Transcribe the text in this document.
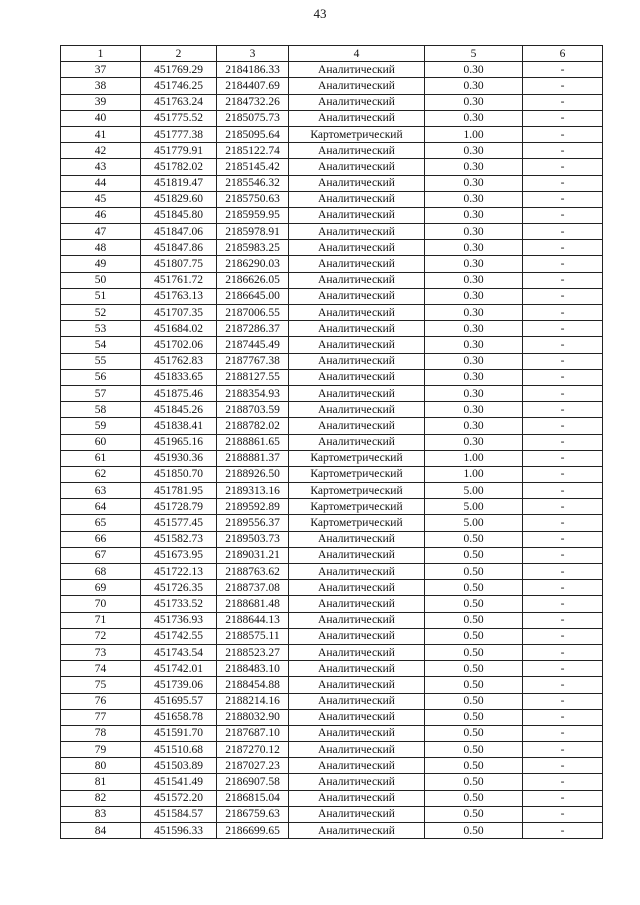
43
1	2	3	4	5	6
37	451769.29	2184186.33	Аналитический	0.30	-
38	451746.25	2184407.69	Аналитический	0.30	-
39	451763.24	2184732.26	Аналитический	0.30	-
40	451775.52	2185075.73	Аналитический	0.30	-
41	451777.38	2185095.64	Картометрический	1.00	-
42	451779.91	2185122.74	Аналитический	0.30	-
43	451782.02	2185145.42	Аналитический	0.30	-
44	451819.47	2185546.32	Аналитический	0.30	-
45	451829.60	2185750.63	Аналитический	0.30	-
46	451845.80	2185959.95	Аналитический	0.30	-
47	451847.06	2185978.91	Аналитический	0.30	-
48	451847.86	2185983.25	Аналитический	0.30	-
49	451807.75	2186290.03	Аналитический	0.30	-
50	451761.72	2186626.05	Аналитический	0.30	-
51	451763.13	2186645.00	Аналитический	0.30	-
52	451707.35	2187006.55	Аналитический	0.30	-
53	451684.02	2187286.37	Аналитический	0.30	-
54	451702.06	2187445.49	Аналитический	0.30	-
55	451762.83	2187767.38	Аналитический	0.30	-
56	451833.65	2188127.55	Аналитический	0.30	-
57	451875.46	2188354.93	Аналитический	0.30	-
58	451845.26	2188703.59	Аналитический	0.30	-
59	451838.41	2188782.02	Аналитический	0.30	-
60	451965.16	2188861.65	Аналитический	0.30	-
61	451930.36	2188881.37	Картометрический	1.00	-
62	451850.70	2188926.50	Картометрический	1.00	-
63	451781.95	2189313.16	Картометрический	5.00	-
64	451728.79	2189592.89	Картометрический	5.00	-
65	451577.45	2189556.37	Картометрический	5.00	-
66	451582.73	2189503.73	Аналитический	0.50	-
67	451673.95	2189031.21	Аналитический	0.50	-
68	451722.13	2188763.62	Аналитический	0.50	-
69	451726.35	2188737.08	Аналитический	0.50	-
70	451733.52	2188681.48	Аналитический	0.50	-
71	451736.93	2188644.13	Аналитический	0.50	-
72	451742.55	2188575.11	Аналитический	0.50	-
73	451743.54	2188523.27	Аналитический	0.50	-
74	451742.01	2188483.10	Аналитический	0.50	-
75	451739.06	2188454.88	Аналитический	0.50	-
76	451695.57	2188214.16	Аналитический	0.50	-
77	451658.78	2188032.90	Аналитический	0.50	-
78	451591.70	2187687.10	Аналитический	0.50	-
79	451510.68	2187270.12	Аналитический	0.50	-
80	451503.89	2187027.23	Аналитический	0.50	-
81	451541.49	2186907.58	Аналитический	0.50	-
82	451572.20	2186815.04	Аналитический	0.50	-
83	451584.57	2186759.63	Аналитический	0.50	-
84	451596.33	2186699.65	Аналитический	0.50	-
